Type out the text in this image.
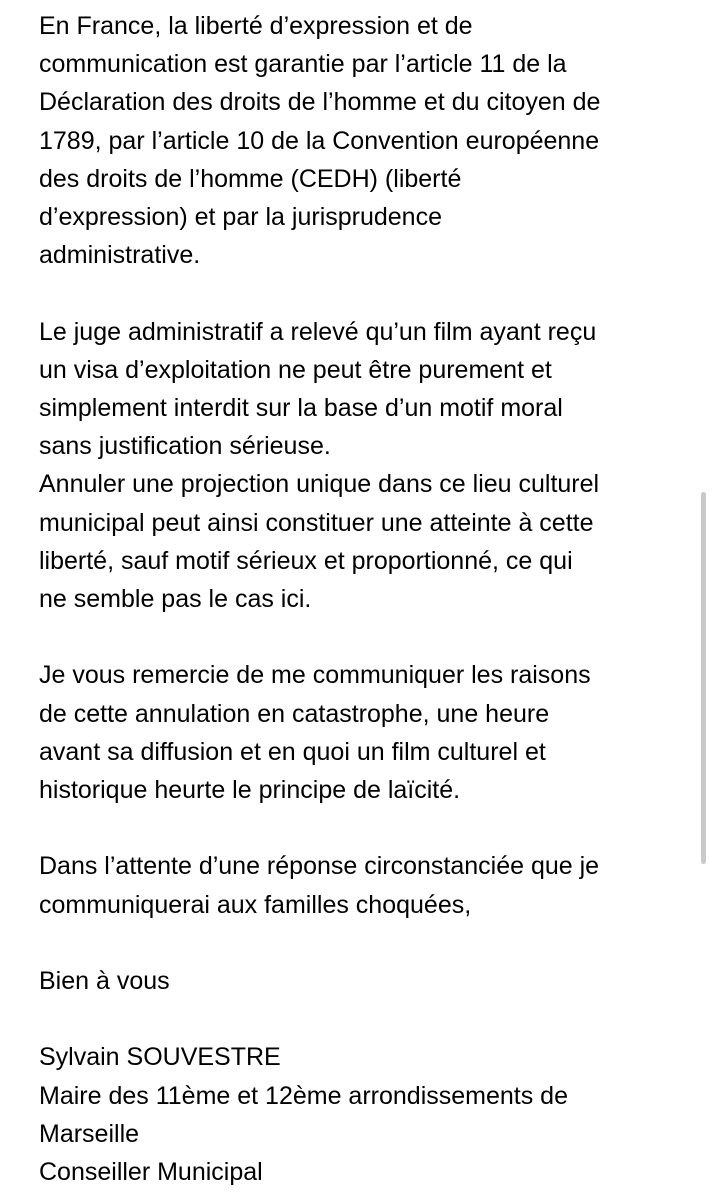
En France, la liberté d’expression et de
communication est garantie par l’article 11 de la
Déclaration des droits de l’homme et du citoyen de
1789, par l’article 10 de la Convention européenne
des droits de l’homme (CEDH) (liberté
d’expression) et par la jurisprudence
administrative.
Le juge administratif a relevé qu’un film ayant reçu
un visa d’exploitation ne peut être purement et
simplement interdit sur la base d’un motif moral
sans justification sérieuse.
Annuler une projection unique dans ce lieu culturel
municipal peut ainsi constituer une atteinte à cette
liberté, sauf motif sérieux et proportionné, ce qui
ne semble pas le cas ici.
Je vous remercie de me communiquer les raisons
de cette annulation en catastrophe, une heure
avant sa diffusion et en quoi un film culturel et
historique heurte le principe de laïcité.
Dans l’attente d’une réponse circonstanciée que je
communiquerai aux familles choquées,
Bien à vous
Sylvain SOUVESTRE
Maire des 11ème et 12ème arrondissements de
Marseille
Conseiller Municipal
